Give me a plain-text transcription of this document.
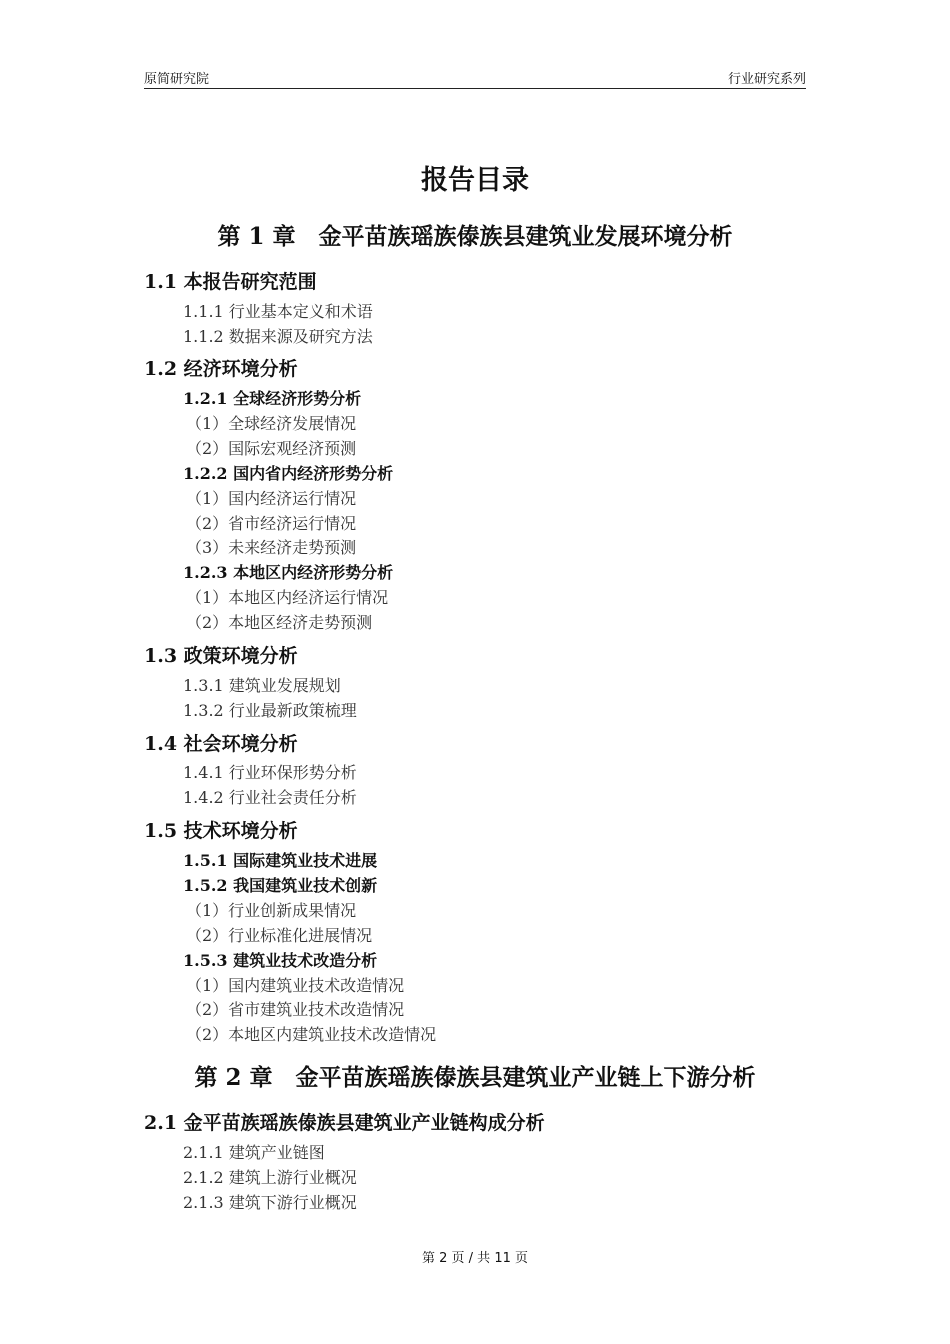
原简研究院	行业研究系列
报告目录
第 1 章　金平苗族瑶族傣族县建筑业发展环境分析
1.1 本报告研究范围
1.1.1 行业基本定义和术语
1.1.2 数据来源及研究方法
1.2 经济环境分析
1.2.1 全球经济形势分析
（1）全球经济发展情况
（2）国际宏观经济预测
1.2.2 国内省内经济形势分析
（1）国内经济运行情况
（2）省市经济运行情况
（3）未来经济走势预测
1.2.3 本地区内经济形势分析
（1）本地区内经济运行情况
（2）本地区经济走势预测
1.3 政策环境分析
1.3.1 建筑业发展规划
1.3.2 行业最新政策梳理
1.4 社会环境分析
1.4.1 行业环保形势分析
1.4.2 行业社会责任分析
1.5 技术环境分析
1.5.1 国际建筑业技术进展
1.5.2 我国建筑业技术创新
（1）行业创新成果情况
（2）行业标准化进展情况
1.5.3 建筑业技术改造分析
（1）国内建筑业技术改造情况
（2）省市建筑业技术改造情况
（2）本地区内建筑业技术改造情况
第 2 章　金平苗族瑶族傣族县建筑业产业链上下游分析
2.1 金平苗族瑶族傣族县建筑业产业链构成分析
2.1.1 建筑产业链图
2.1.2 建筑上游行业概况
2.1.3 建筑下游行业概况
第 2 页 / 共 11 页
